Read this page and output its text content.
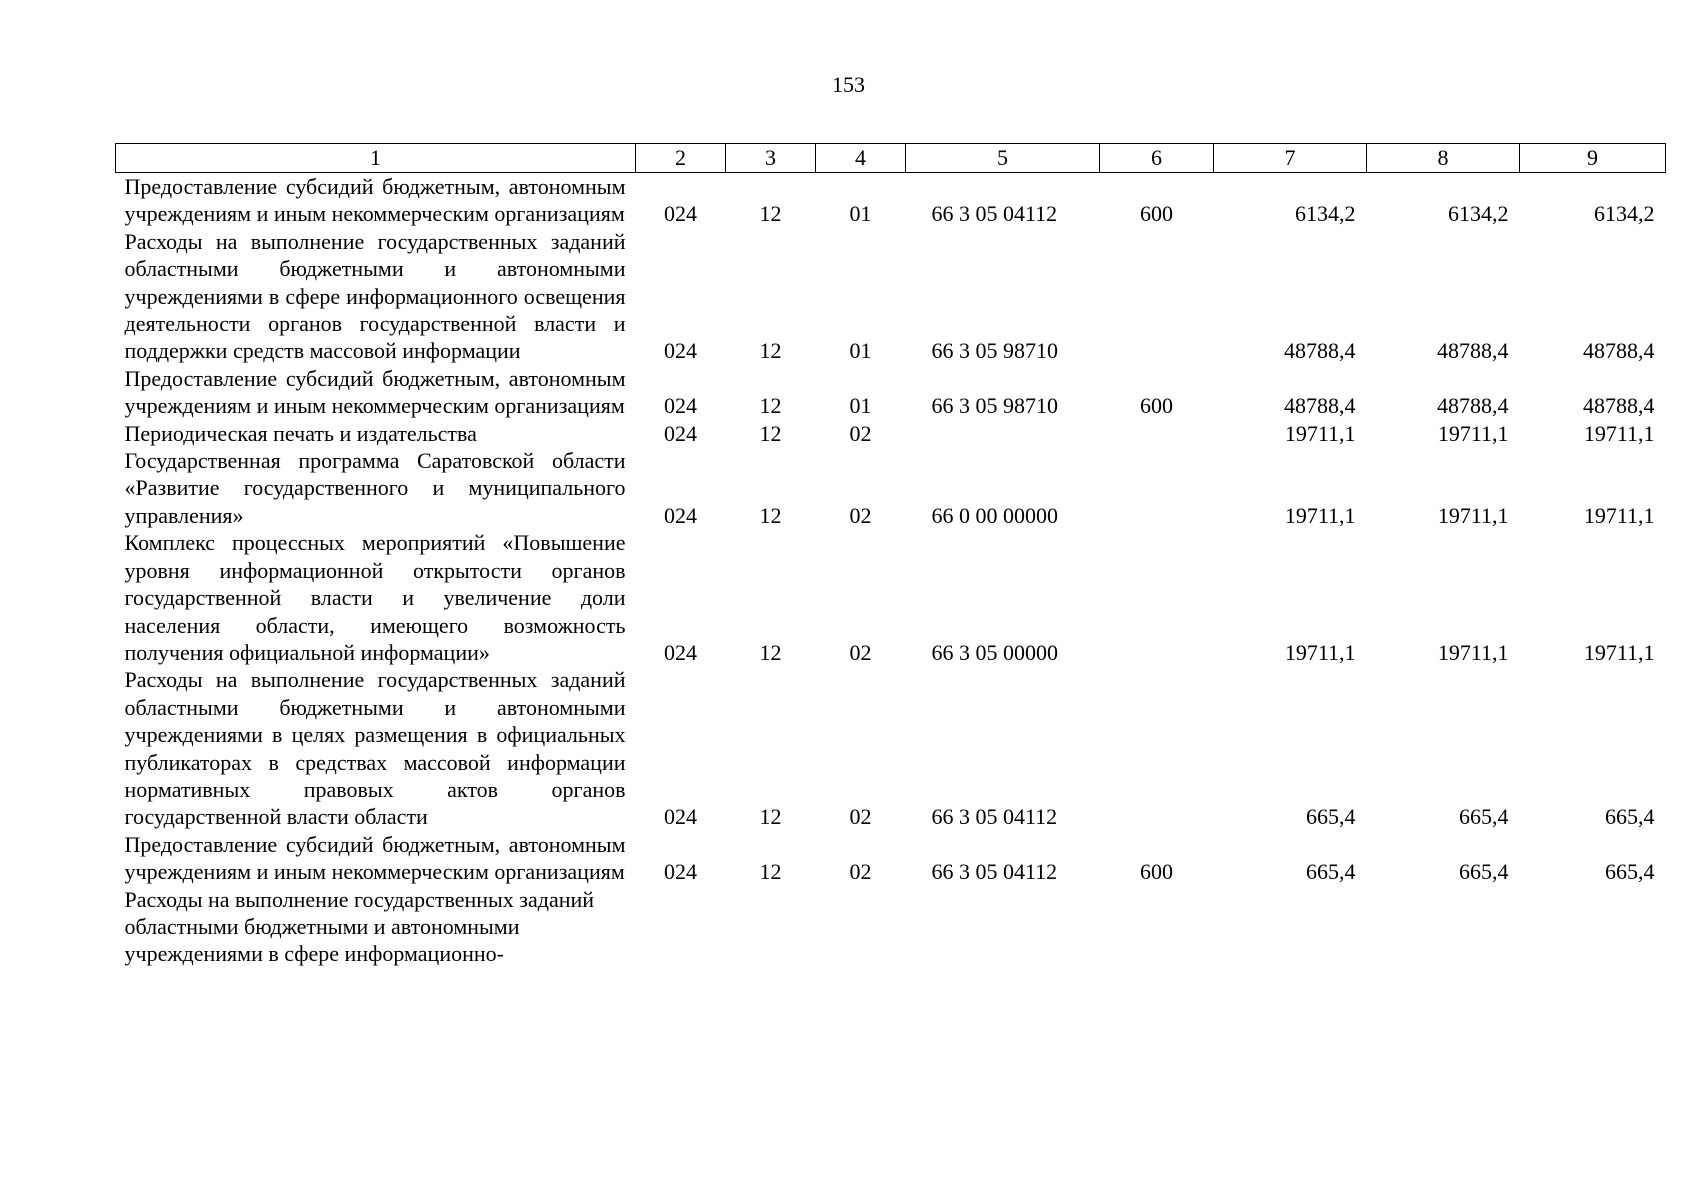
153
1	2	3	4	5	6	7	8	9
Предоставление субсидий бюджетным, автономным учреждениям и иным некоммерческим организациям	024	12	01	66 3 05 04112	600	6134,2	6134,2	6134,2
Расходы на выполнение государственных заданий областными бюджетными и автономными учреждениями в сфере информационного освещения деятельности органов государственной власти и поддержки средств массовой информации	024	12	01	66 3 05 98710		48788,4	48788,4	48788,4
Предоставление субсидий бюджетным, автономным учреждениям и иным некоммерческим организациям	024	12	01	66 3 05 98710	600	48788,4	48788,4	48788,4
Периодическая печать и издательства	024	12	02			19711,1	19711,1	19711,1
Государственная программа Саратовской области «Развитие государственного и муниципального управления»	024	12	02	66 0 00 00000		19711,1	19711,1	19711,1
Комплекс процессных мероприятий «Повышение уровня информационной открытости органов государственной власти и увеличение доли населения области, имеющего возможность получения официальной информации»	024	12	02	66 3 05 00000		19711,1	19711,1	19711,1
Расходы на выполнение государственных заданий областными бюджетными и автономными учреждениями в целях размещения в официальных публикаторах в средствах массовой информации нормативных правовых актов органов государственной власти области	024	12	02	66 3 05 04112		665,4	665,4	665,4
Предоставление субсидий бюджетным, автономным учреждениям и иным некоммерческим организациям	024	12	02	66 3 05 04112	600	665,4	665,4	665,4
Расходы на выполнение государственных заданий областными бюджетными и автономными учреждениями в сфере информационно-								
